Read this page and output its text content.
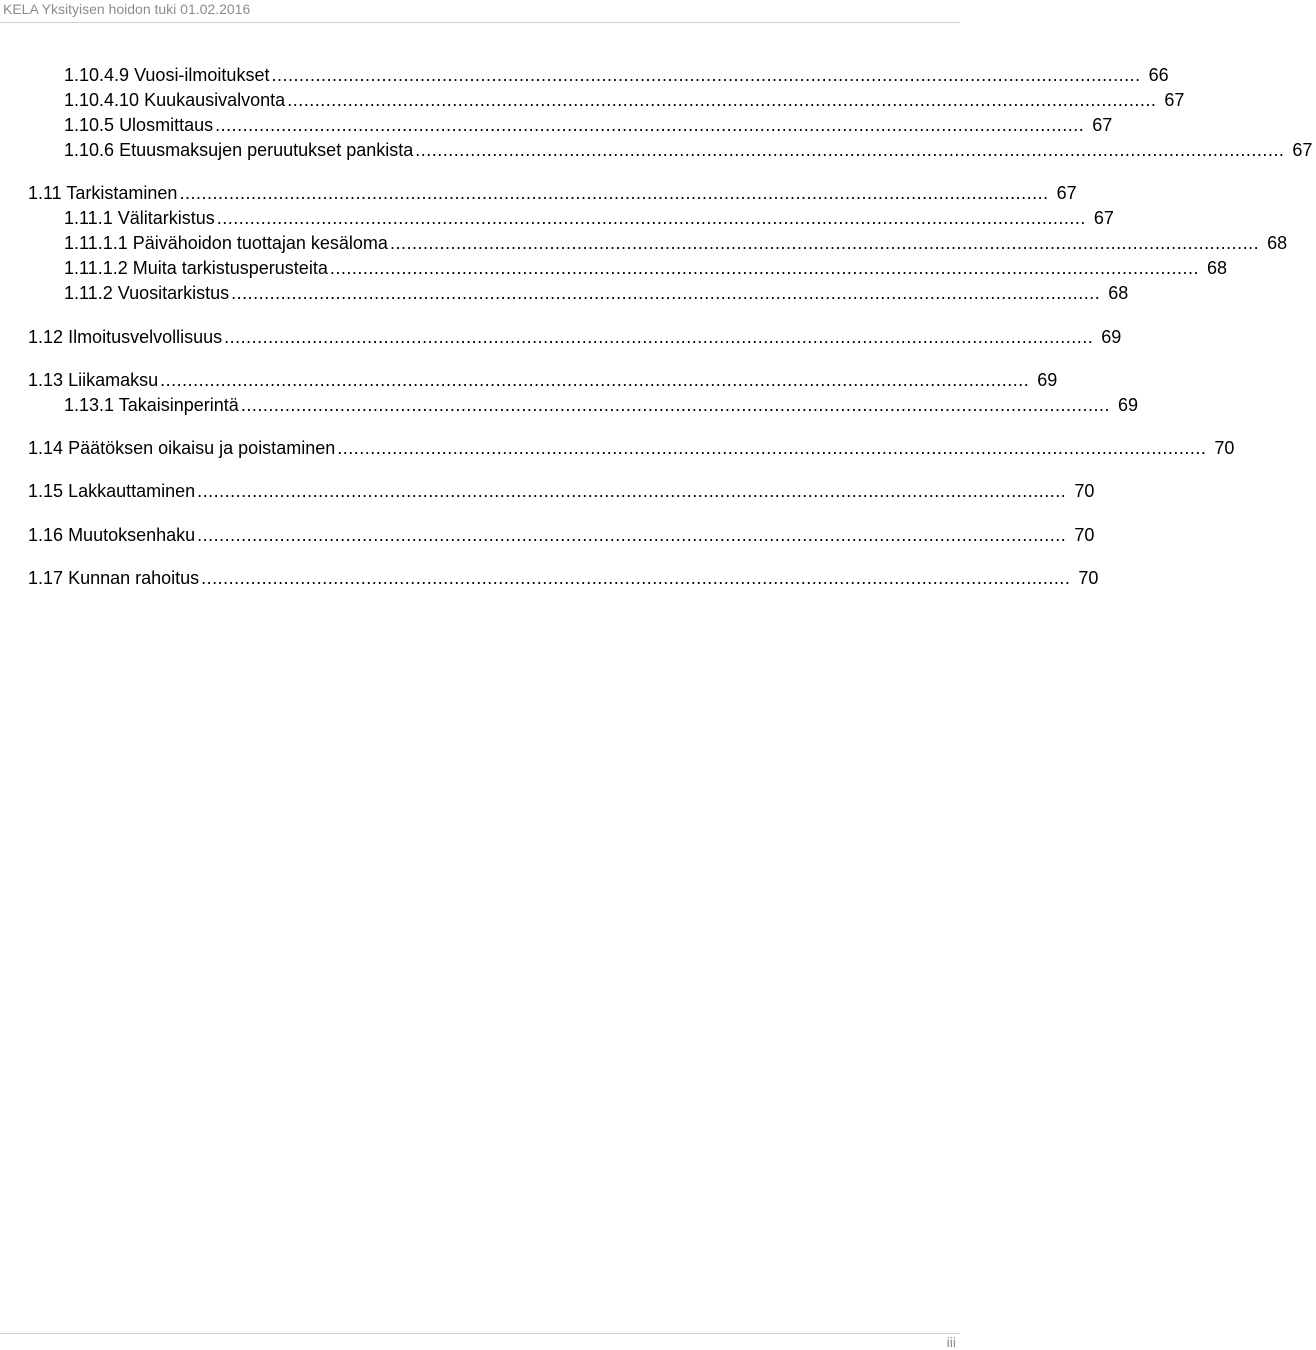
KELA Yksityisen hoidon tuki 01.02.2016
1.10.4.9 Vuosi-ilmoitukset .............................................................................................................................................................. 66
1.10.4.10 Kuukausivalvonta .............................................................................................................................................................. 67
1.10.5 Ulosmittaus .............................................................................................................................................................. 67
1.10.6 Etuusmaksujen peruutukset pankista .............................................................................................................................................................. 67
1.11 Tarkistaminen .............................................................................................................................................................. 67
1.11.1 Välitarkistus .............................................................................................................................................................. 67
1.11.1.1 Päivähoidon tuottajan kesäloma .............................................................................................................................................................. 68
1.11.1.2 Muita tarkistusperusteita .............................................................................................................................................................. 68
1.11.2 Vuositarkistus .............................................................................................................................................................. 68
1.12 Ilmoitusvelvollisuus .............................................................................................................................................................. 69
1.13 Liikamaksu .............................................................................................................................................................. 69
1.13.1 Takaisinperintä .............................................................................................................................................................. 69
1.14 Päätöksen oikaisu ja poistaminen .............................................................................................................................................................. 70
1.15 Lakkauttaminen .............................................................................................................................................................. 70
1.16 Muutoksenhaku .............................................................................................................................................................. 70
1.17 Kunnan rahoitus .............................................................................................................................................................. 70
iii
